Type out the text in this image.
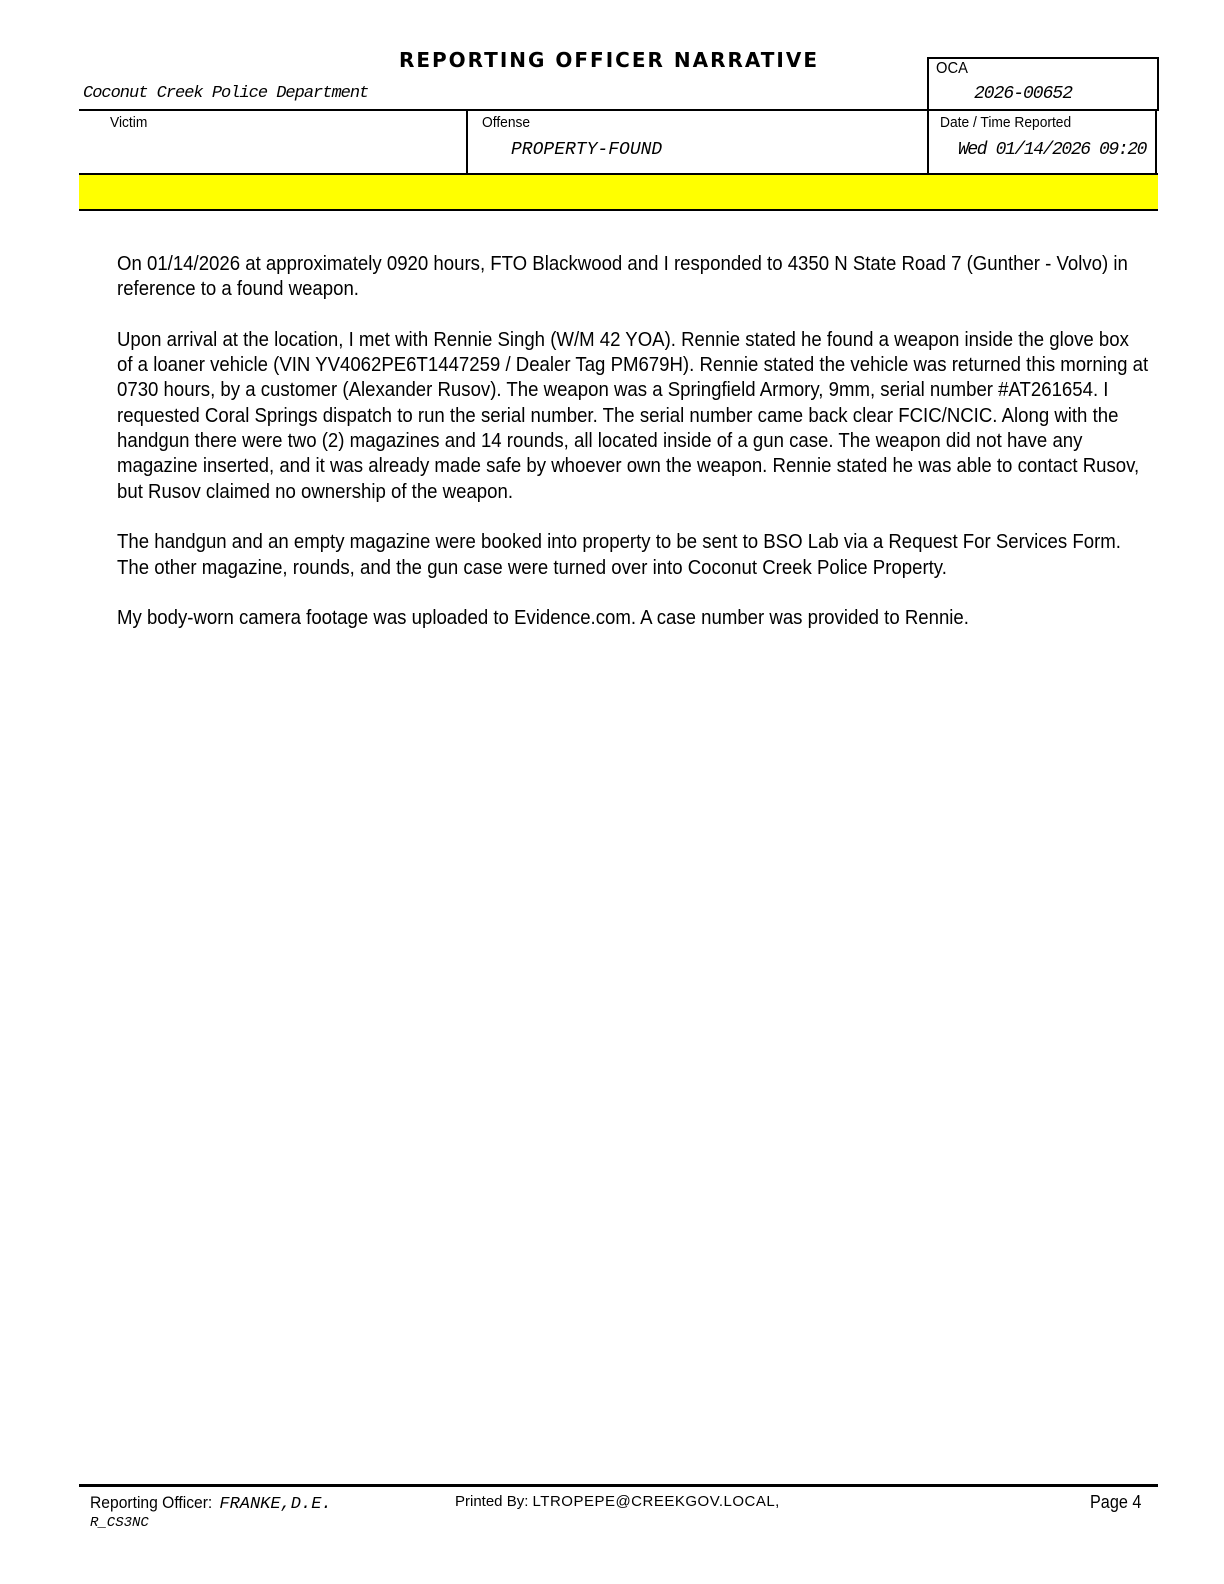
REPORTING OFFICER NARRATIVE
Coconut Creek Police Department
OCA
2026-00652
Victim	Offense
PROPERTY-FOUND
Date / Time Reported
Wed 01/14/2026 09:20

On 01/14/2026 at approximately 0920 hours, FTO Blackwood and I responded to 4350 N State Road 7 (Gunther - Volvo) in reference to a found weapon.

Upon arrival at the location, I met with Rennie Singh (W/M 42 YOA). Rennie stated he found a weapon inside the glove box of a loaner vehicle (VIN YV4062PE6T1447259 / Dealer Tag PM679H). Rennie stated the vehicle was returned this morning at 0730 hours, by a customer (Alexander Rusov). The weapon was a Springfield Armory, 9mm, serial number #AT261654. I requested Coral Springs dispatch to run the serial number. The serial number came back clear FCIC/NCIC. Along with the handgun there were two (2) magazines and 14 rounds, all located inside of a gun case. The weapon did not have any magazine inserted, and it was already made safe by whoever own the weapon. Rennie stated he was able to contact Rusov, but Rusov claimed no ownership of the weapon.

The handgun and an empty magazine were booked into property to be sent to BSO Lab via a Request For Services Form. The other magazine, rounds, and the gun case were turned over into Coconut Creek Police Property.

My body-worn camera footage was uploaded to Evidence.com. A case number was provided to Rennie.

Reporting Officer: FRANKE,D.E.
R_CS3NC
Printed By: LTROPEPE@CREEKGOV.LOCAL,	Page 4
